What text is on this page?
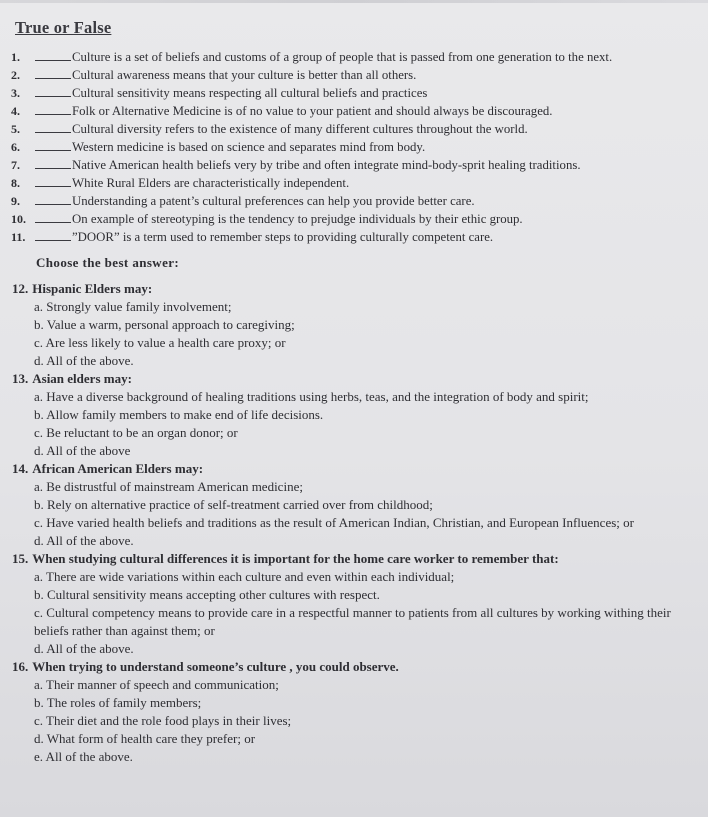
True or False
1.	Culture is a set of beliefs and customs of a group of people that is passed from one generation to the next.
2.	Cultural awareness means that your culture is better than all others.
3.	Cultural sensitivity means respecting all cultural beliefs and practices
4.	Folk or Alternative Medicine is of no value to your patient and should always be discouraged.
5.	Cultural diversity refers to the existence of many different cultures throughout the world.
6.	Western medicine is based on science and separates mind from body.
7.	Native American health beliefs very by tribe and often integrate mind-body-sprit healing traditions.
8.	White Rural Elders are characteristically independent.
9.	Understanding a patent’s cultural preferences can help you provide better care.
10.	On example of stereotyping is the tendency to prejudge individuals by their ethic group.
11.	”DOOR” is a term used to remember steps to providing culturally competent care.
Choose the best answer:
12. Hispanic Elders may:
a. Strongly value family involvement;
b. Value a warm, personal approach to caregiving;
c. Are less likely to value a health care proxy; or
d. All of the above.
13. Asian elders may:
a. Have a diverse background of healing traditions using herbs, teas, and the integration of body and spirit;
b. Allow family members to make end of life decisions.
c. Be reluctant to be an organ donor; or
d. All of the above
14. African American Elders may:
a. Be distrustful of mainstream American medicine;
b. Rely on alternative practice of self-treatment carried over from childhood;
c. Have varied health beliefs and traditions as the result of American Indian, Christian, and European Influences; or
d. All of the above.
15. When studying cultural differences it is important for the home care worker to remember that:
a. There are wide variations within each culture and even within each individual;
b. Cultural sensitivity means accepting other cultures with respect.
c. Cultural competency means to provide care in a respectful manner to patients from all cultures by working withing their beliefs rather than against them; or
d. All of the above.
16. When trying to understand someone’s culture , you could observe.
a. Their manner of speech and communication;
b. The roles of family members;
c. Their diet and the role food plays in their lives;
d. What form of health care they prefer; or
e. All of the above.
